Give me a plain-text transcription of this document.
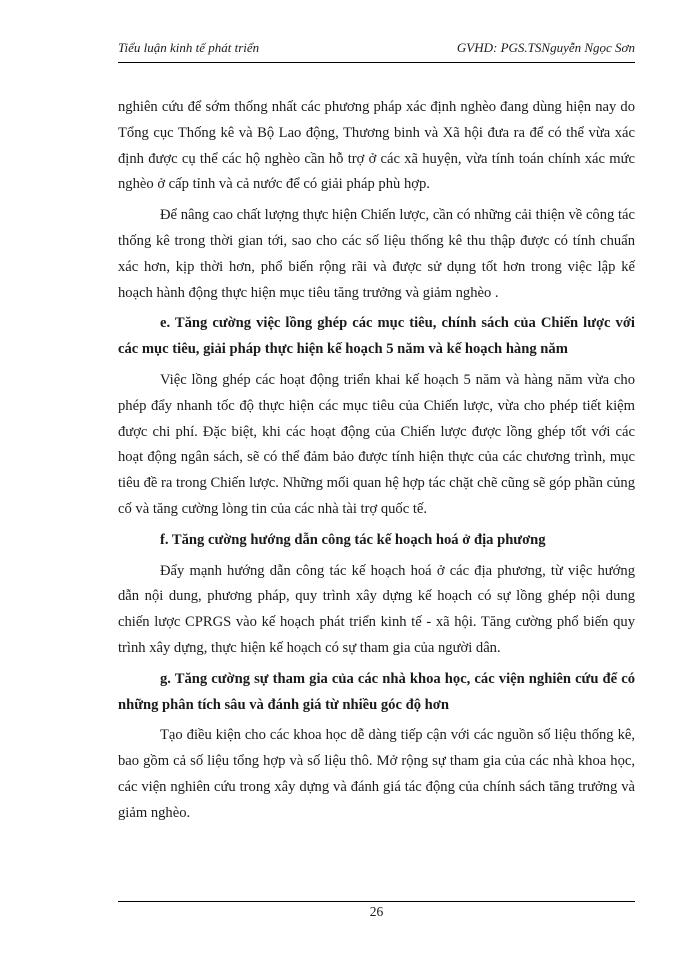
Tiểu luận kinh tế phát triển	GVHD: PGS.TSNguyễn Ngọc Sơn

nghiên cứu để sớm thống nhất các phương pháp xác định nghèo đang dùng hiện nay do Tổng cục Thống kê và Bộ Lao động, Thương binh và Xã hội đưa ra để có thể vừa xác định được cụ thể các hộ nghèo cần hỗ trợ ở các xã huyện, vừa tính toán chính xác mức nghèo ở cấp tỉnh và cả nước để có giải pháp phù hợp.

Để nâng cao chất lượng thực hiện Chiến lược, cần có những cải thiện về công tác thống kê trong thời gian tới, sao cho các số liệu thống kê thu thập được có tính chuẩn xác hơn, kịp thời hơn, phổ biến rộng rãi và được sử dụng tốt hơn trong việc lập kế hoạch hành động thực hiện mục tiêu tăng trưởng và giảm nghèo .

e. Tăng cường việc lồng ghép các mục tiêu, chính sách của Chiến lược với các mục tiêu, giải pháp thực hiện kế hoạch 5 năm và kế hoạch hàng năm

Việc lồng ghép các hoạt động triển khai kế hoạch 5 năm và hàng năm vừa cho phép đẩy nhanh tốc độ thực hiện các mục tiêu của Chiến lược, vừa cho phép tiết kiệm được chi phí. Đặc biệt, khi các hoạt động của Chiến lược được lồng ghép tốt với các hoạt động ngân sách, sẽ có thể đảm bảo được tính hiện thực của các chương trình, mục tiêu đề ra trong Chiến lược. Những mối quan hệ hợp tác chặt chẽ cũng sẽ góp phần củng cố và tăng cường lòng tin của các nhà tài trợ quốc tế.

f. Tăng cường hướng dẫn công tác kế hoạch hoá ở địa phương

Đẩy mạnh hướng dẫn công tác kế hoạch hoá ở các địa phương, từ việc hướng dẫn nội dung, phương pháp, quy trình xây dựng kế hoạch có sự lồng ghép nội dung chiến lược CPRGS vào kế hoạch phát triển kinh tế - xã hội. Tăng cường phổ biến quy trình xây dựng, thực hiện kế hoạch có sự tham gia của người dân.

g. Tăng cường sự tham gia của các nhà khoa học, các viện nghiên cứu để có những phân tích sâu và đánh giá từ nhiều góc độ hơn

Tạo điều kiện cho các khoa học dễ dàng tiếp cận với các nguồn số liệu thống kê, bao gồm cả số liệu tổng hợp và số liệu thô. Mở rộng sự tham gia của các nhà khoa học, các viện nghiên cứu trong xây dựng và đánh giá tác động của chính sách tăng trưởng và giảm nghèo.

26
